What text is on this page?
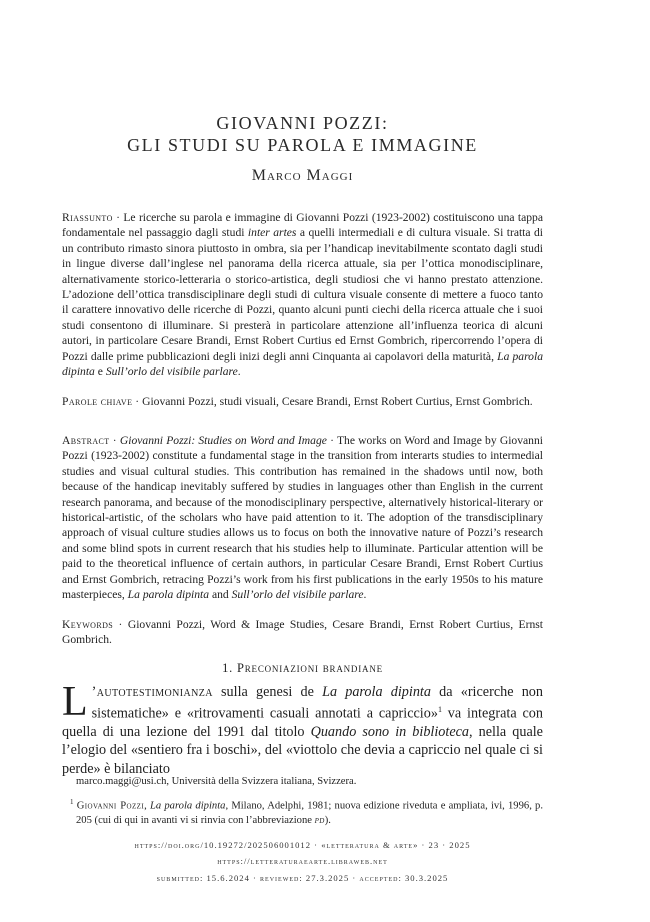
GIOVANNI POZZI:
GLI STUDI SU PAROLA E IMMAGINE
Marco Maggi
Riassunto · Le ricerche su parola e immagine di Giovanni Pozzi (1923-2002) costituiscono una tappa fondamentale nel passaggio dagli studi inter artes a quelli intermediali e di cultura visuale. Si tratta di un contributo rimasto sinora piuttosto in ombra, sia per l’handicap inevitabilmente scontato dagli studi in lingue diverse dall’inglese nel panorama della ricerca attuale, sia per l’ottica monodisciplinare, alternativamente storico-letteraria o storico-artistica, degli studiosi che vi hanno prestato attenzione. L’adozione dell’ottica transdisciplinare degli studi di cultura visuale consente di mettere a fuoco tanto il carattere innovativo delle ricerche di Pozzi, quanto alcuni punti ciechi della ricerca attuale che i suoi studi consentono di illuminare. Si presterà in particolare attenzione all’influenza teorica di alcuni autori, in particolare Cesare Brandi, Ernst Robert Curtius ed Ernst Gombrich, ripercorrendo l’opera di Pozzi dalle prime pubblicazioni degli inizi degli anni Cinquanta ai capolavori della maturità, La parola dipinta e Sull’orlo del visibile parlare.
Parole chiave · Giovanni Pozzi, studi visuali, Cesare Brandi, Ernst Robert Curtius, Ernst Gombrich.
Abstract · Giovanni Pozzi: Studies on Word and Image · The works on Word and Image by Giovanni Pozzi (1923-2002) constitute a fundamental stage in the transition from interarts studies to intermedial studies and visual cultural studies. This contribution has remained in the shadows until now, both because of the handicap inevitably suffered by studies in languages other than English in the current research panorama, and because of the monodisciplinary perspective, alternatively historical-literary or historical-artistic, of the scholars who have paid attention to it. The adoption of the transdisciplinary approach of visual culture studies allows us to focus on both the innovative nature of Pozzi’s research and some blind spots in current research that his studies help to illuminate. Particular attention will be paid to the theoretical influence of certain authors, in particular Cesare Brandi, Ernst Robert Curtius and Ernst Gombrich, retracing Pozzi’s work from his first publications in the early 1950s to his mature masterpieces, La parola dipinta and Sull’orlo del visibile parlare.
Keywords · Giovanni Pozzi, Word & Image Studies, Cesare Brandi, Ernst Robert Curtius, Ernst Gombrich.
1. Preconiazioni brandiane
L ’autotestimonianza sulla genesi de La parola dipinta da «ricerche non sistematiche» e «ritrovamenti casuali annotati a capriccio»$^1$ va integrata con quella di una lezione del 1991 dal titolo Quando sono in biblioteca, nella quale l’elogio del «sentiero fra i boschi», del «viottolo che devia a capriccio nel quale ci si perde» è bilanciato
marco.maggi@usi.ch, Università della Svizzera italiana, Svizzera.
$^1$ Giovanni Pozzi, La parola dipinta, Milano, Adelphi, 1981; nuova edizione riveduta e ampliata, ivi, 1996, p. 205 (cui di qui in avanti vi si rinvia con l’abbreviazione pd).
https://doi.org/10.19272/202506001012 · «letteratura & arte» · 23 · 2025
https://letteraturaearte.libraweb.net
submitted: 15.6.2024 · reviewed: 27.3.2025 · accepted: 30.3.2025
